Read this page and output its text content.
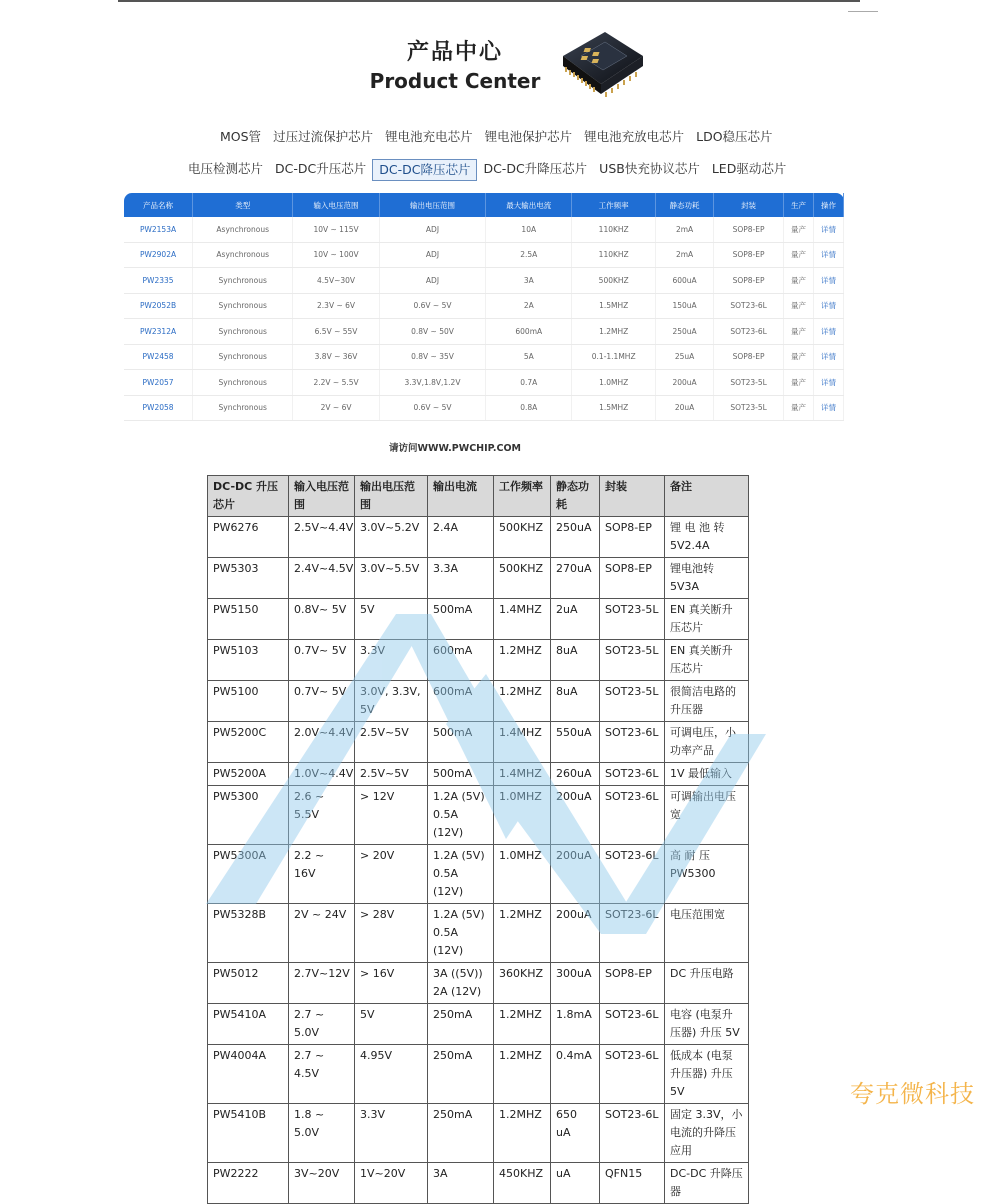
产品中心
Product Center
MOS管 过压过流保护芯片 锂电池充电芯片 锂电池保护芯片 锂电池充放电芯片 LDO稳压芯片
电压检测芯片 DC-DC升压芯片	DC-DC降压芯片	DC-DC升降压芯片 USB快充协议芯片 LED驱动芯片
产品名称	类型	输入电压范围	输出电压范围	最大输出电流	工作频率	静态功耗	封装	生产	操作
PW2153A	Asynchronous	10V ~ 115V	ADJ	10A	110KHZ	2mA	SOP8-EP	量产	详情
PW2902A	Asynchronous	10V ~ 100V	ADJ	2.5A	110KHZ	2mA	SOP8-EP	量产	详情
PW2335	Synchronous	4.5V~30V	ADJ	3A	500KHZ	600uA	SOP8-EP	量产	详情
PW2052B	Synchronous	2.3V ~ 6V	0.6V ~ 5V	2A	1.5MHZ	150uA	SOT23-6L	量产	详情
PW2312A	Synchronous	6.5V ~ 55V	0.8V ~ 50V	600mA	1.2MHZ	250uA	SOT23-6L	量产	详情
PW2458	Synchronous	3.8V ~ 36V	0.8V ~ 35V	5A	0.1-1.1MHZ	25uA	SOP8-EP	量产	详情
PW2057	Synchronous	2.2V ~ 5.5V	3.3V,1.8V,1.2V	0.7A	1.0MHZ	200uA	SOT23-5L	量产	详情
PW2058	Synchronous	2V ~ 6V	0.6V ~ 5V	0.8A	1.5MHZ	20uA	SOT23-5L	量产	详情
请访问WWW.PWCHIP.COM
DC-DC 升压芯片	输入电压范围	输出电压范围	输出电流	工作频率	静态功耗	封装	备注
PW6276	2.5V~4.4V	3.0V~5.2V	2.4A	500KHZ	250uA	SOP8-EP	锂 电 池 转 5V2.4A
PW5303	2.4V~4.5V	3.0V~5.5V	3.3A	500KHZ	270uA	SOP8-EP	锂电池转5V3A
PW5150	0.8V~ 5V	5V	500mA	1.4MHZ	2uA	SOT23-5L	EN 真关断升压芯片
PW5103	0.7V~ 5V	3.3V	600mA	1.2MHZ	8uA	SOT23-5L	EN 真关断升压芯片
PW5100	0.7V~ 5V	3.0V, 3.3V, 5V	600mA	1.2MHZ	8uA	SOT23-5L	很简洁电路的升压器
PW5200C	2.0V~4.4V	2.5V~5V	500mA	1.4MHZ	550uA	SOT23-6L	可调电压，小功率产品
PW5200A	1.0V~4.4V	2.5V~5V	500mA	1.4MHZ	260uA	SOT23-6L	1V 最低输入
PW5300	2.6 ~ 5.5V	> 12V	1.2A (5V) 0.5A (12V)	1.0MHZ	200uA	SOT23-6L	可调输出电压宽
PW5300A	2.2 ~ 16V	> 20V	1.2A (5V) 0.5A (12V)	1.0MHZ	200uA	SOT23-6L	高 耐 压 PW5300
PW5328B	2V ~ 24V	> 28V	1.2A (5V) 0.5A (12V)	1.2MHZ	200uA	SOT23-6L	电压范围宽
PW5012	2.7V~12V	> 16V	3A ((5V)) 2A (12V)	360KHZ	300uA	SOP8-EP	DC 升压电路
PW5410A	2.7 ~ 5.0V	5V	250mA	1.2MHZ	1.8mA	SOT23-6L	电容 (电泵升压器) 升压 5V
PW4004A	2.7 ~ 4.5V	4.95V	250mA	1.2MHZ	0.4mA	SOT23-6L	低成本 (电泵升压器) 升压 5V
PW5410B	1.8 ~ 5.0V	3.3V	250mA	1.2MHZ	650 uA	SOT23-6L	固定 3.3V，小电流的升降压应用
PW2222	3V~20V	1V~20V	3A	450KHZ	uA	QFN15	DC-DC 升降压器
夸克微科技
